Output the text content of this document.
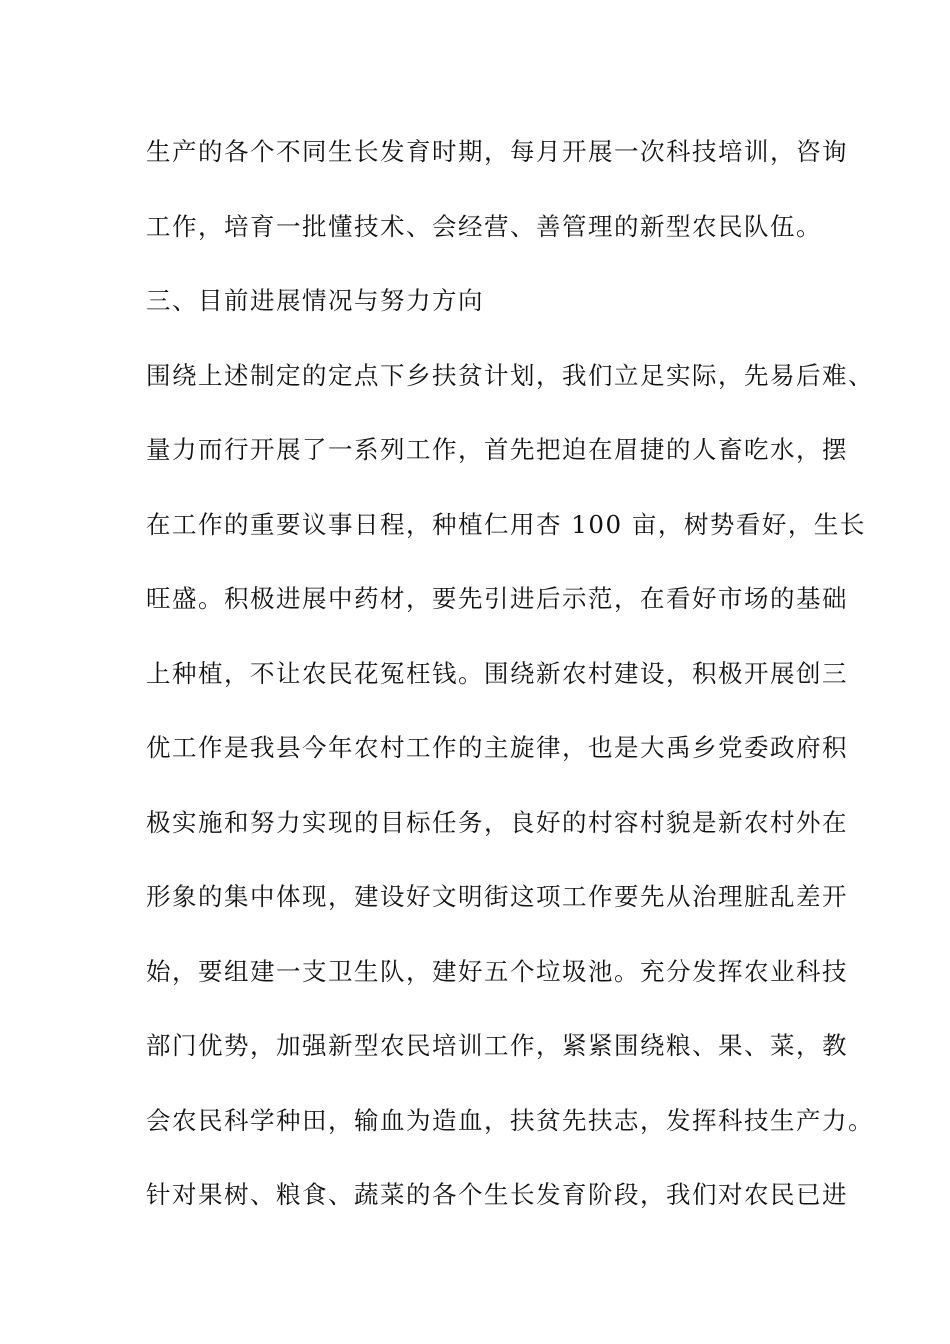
生产的各个不同生长发育时期，每月开展一次科技培训，咨询
工作，培育一批懂技术、会经营、善管理的新型农民队伍。
三、目前进展情况与努力方向
围绕上述制定的定点下乡扶贫计划，我们立足实际，先易后难、
量力而行开展了一系列工作，首先把迫在眉捷的人畜吃水，摆
在工作的重要议事日程，种植仁用杏 100 亩，树势看好，生长
旺盛。积极进展中药材，要先引进后示范，在看好市场的基础
上种植，不让农民花冤枉钱。围绕新农村建设，积极开展创三
优工作是我县今年农村工作的主旋律，也是大禹乡党委政府积
极实施和努力实现的目标任务，良好的村容村貌是新农村外在
形象的集中体现，建设好文明街这项工作要先从治理脏乱差开
始，要组建一支卫生队，建好五个垃圾池。充分发挥农业科技
部门优势，加强新型农民培训工作，紧紧围绕粮、果、菜，教
会农民科学种田，输血为造血，扶贫先扶志，发挥科技生产力。
针对果树、粮食、蔬菜的各个生长发育阶段，我们对农民已进
